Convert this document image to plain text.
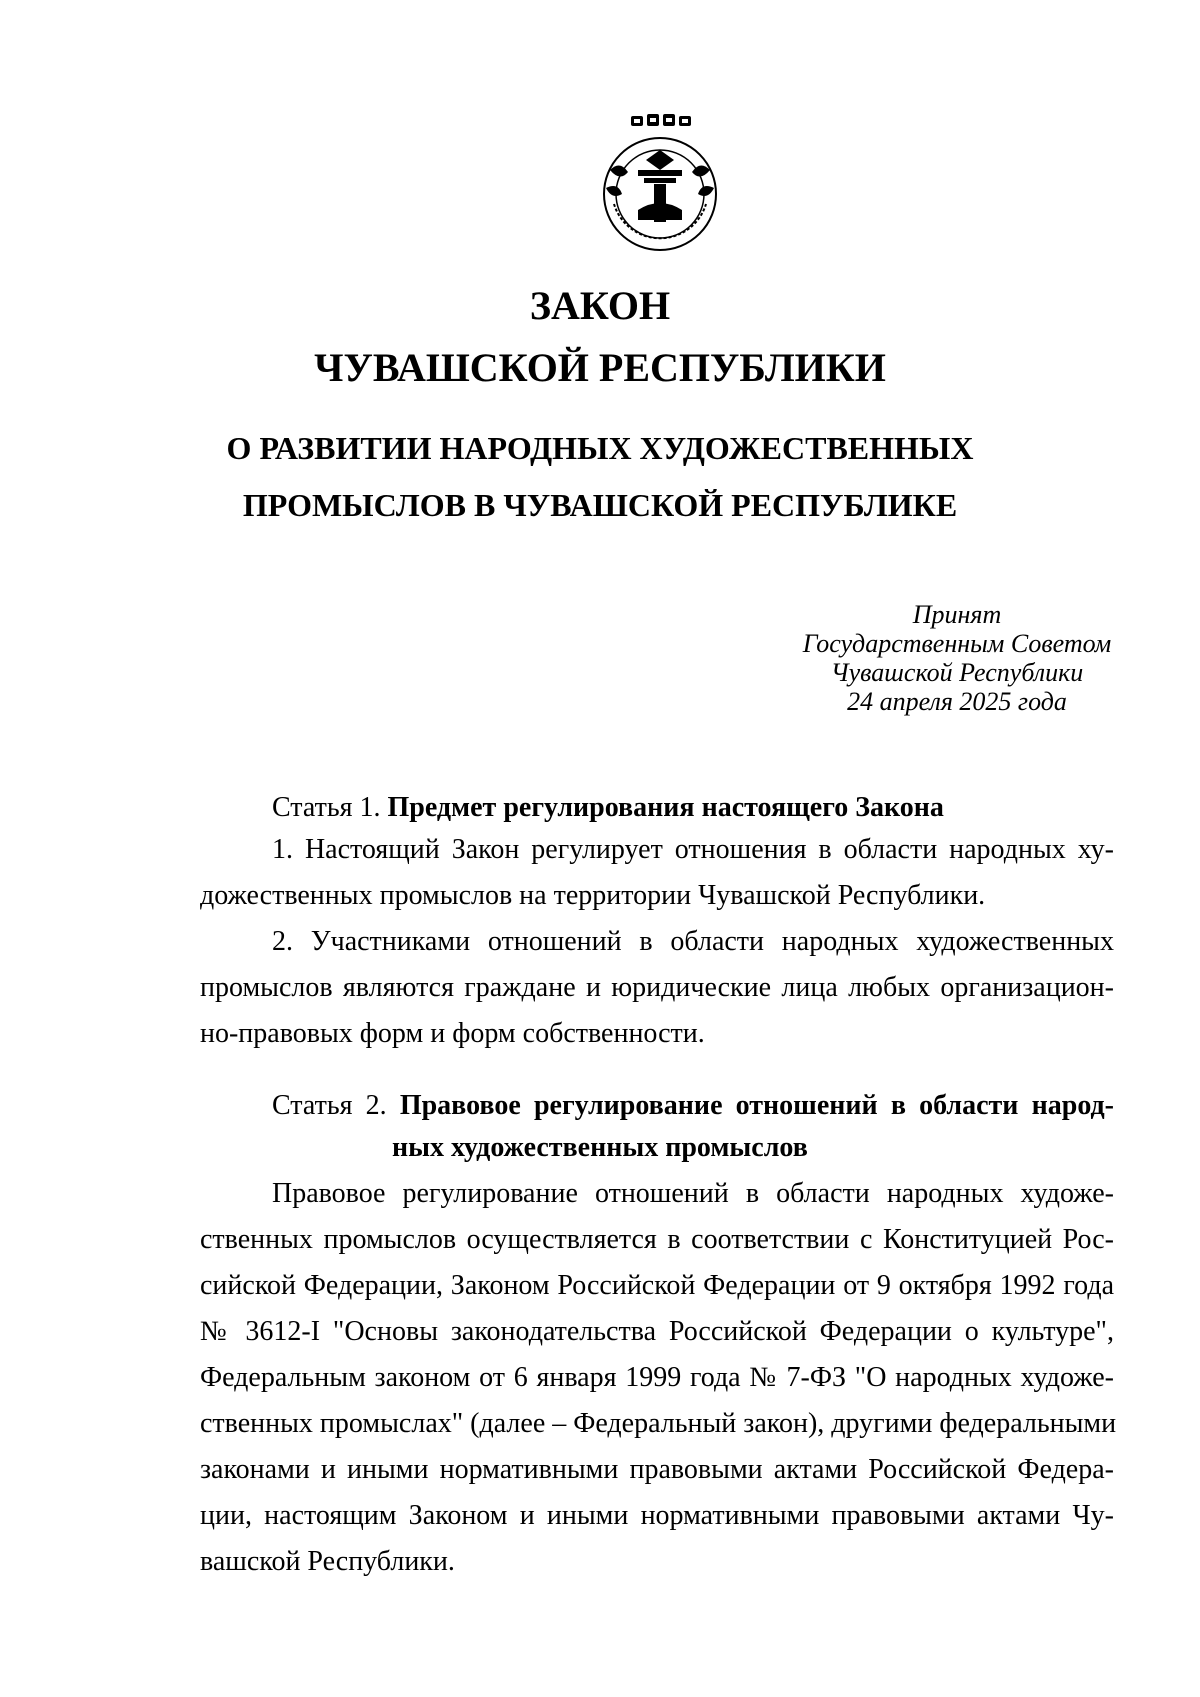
ЗАКОН
ЧУВАШСКОЙ РЕСПУБЛИКИ
О РАЗВИТИИ НАРОДНЫХ ХУДОЖЕСТВЕННЫХ
ПРОМЫСЛОВ В ЧУВАШСКОЙ РЕСПУБЛИКЕ
Принят
Государственным Советом
Чувашской Республики
24 апреля 2025 года
Статья 1. Предмет регулирования настоящего Закона
1. Настоящий Закон регулирует отношения в области народных ху-
дожественных промыслов на территории Чувашской Республики.
2. Участниками отношений в области народных художественных
промыслов являются граждане и юридические лица любых организацион-
но-правовых форм и форм собственности.
Статья 2. Правовое регулирование отношений в области народ-
ных художественных промыслов
Правовое регулирование отношений в области народных художе-
ственных промыслов осуществляется в соответствии с Конституцией Рос-
сийской Федерации, Законом Российской Федерации от 9 октября 1992 года
№ 3612-I "Основы законодательства Российской Федерации о культуре",
Федеральным законом от 6 января 1999 года № 7-ФЗ "О народных художе-
ственных промыслах" (далее – Федеральный закон), другими федеральными
законами и иными нормативными правовыми актами Российской Федера-
ции, настоящим Законом и иными нормативными правовыми актами Чу-
вашской Республики.
